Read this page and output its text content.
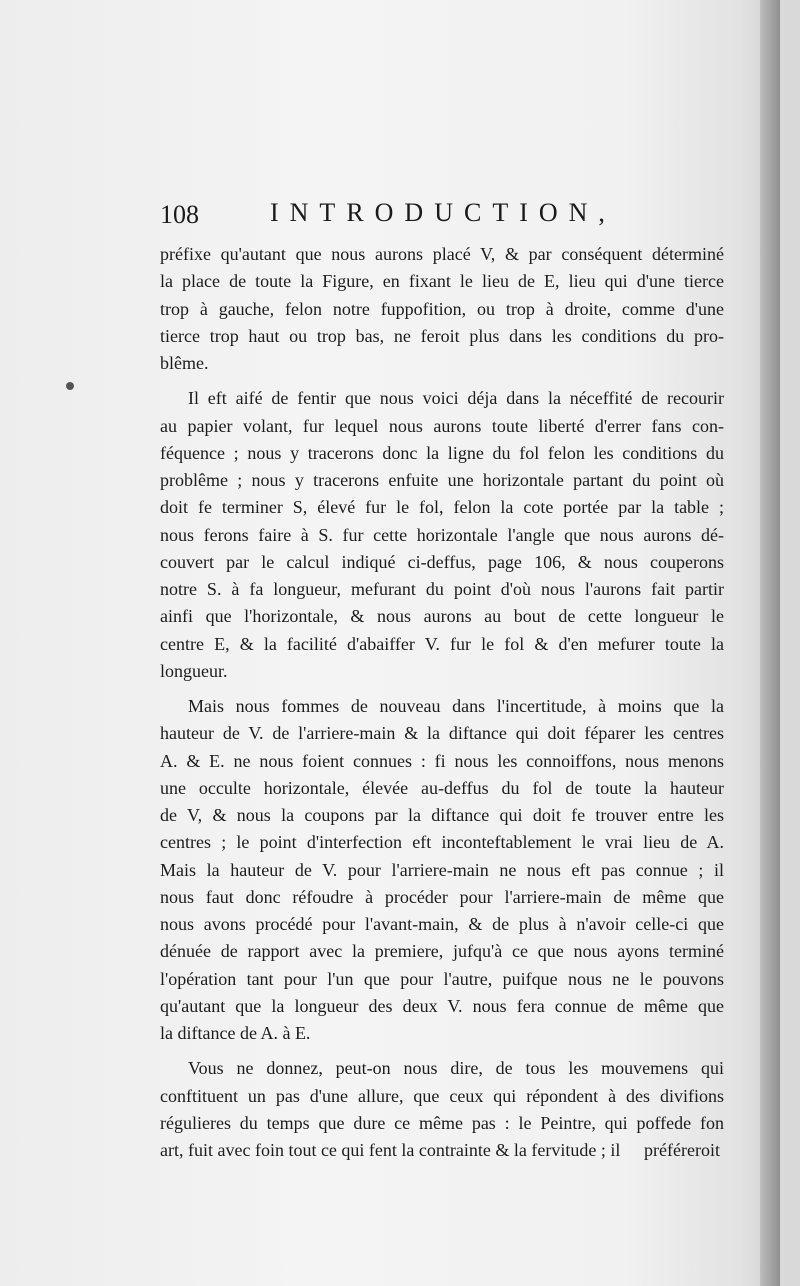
108	INTRODUCTION,

préfixe qu'autant que nous aurons placé V, & par conséquent déterminé

la place de toute la Figure, en fixant le lieu de E, lieu qui d'une tierce

trop à gauche, felon notre fuppofition, ou trop à droite, comme d'une

tierce trop haut ou trop bas, ne feroit plus dans les conditions du pro-

blême.

Il eft aifé de fentir que nous voici déja dans la néceffité de recourir

au papier volant, fur lequel nous aurons toute liberté d'errer fans con-

féquence ; nous y tracerons donc la ligne du fol felon les conditions du

problême ; nous y tracerons enfuite une horizontale partant du point où

doit fe terminer S, élevé fur le fol, felon la cote portée par la table ;

nous ferons faire à S. fur cette horizontale l'angle que nous aurons dé-

couvert par le calcul indiqué ci-deffus, page 106, & nous couperons

notre S. à fa longueur, mefurant du point d'où nous l'aurons fait partir

ainfi que l'horizontale, & nous aurons au bout de cette longueur le

centre E, & la facilité d'abaiffer V. fur le fol & d'en mefurer toute la

longueur.

Mais nous fommes de nouveau dans l'incertitude, à moins que la

hauteur de V. de l'arriere-main & la diftance qui doit féparer les centres

A. & E. ne nous foient connues : fi nous les connoiffons, nous menons

une occulte horizontale, élevée au-deffus du fol de toute la hauteur

de V, & nous la coupons par la diftance qui doit fe trouver entre les

centres ; le point d'interfection eft inconteftablement le vrai lieu de A.

Mais la hauteur de V. pour l'arriere-main ne nous eft pas connue ; il

nous faut donc réfoudre à procéder pour l'arriere-main de même que

nous avons procédé pour l'avant-main, & de plus à n'avoir celle-ci que

dénuée de rapport avec la premiere, jufqu'à ce que nous ayons terminé

l'opération tant pour l'un que pour l'autre, puifque nous ne le pouvons

qu'autant que la longueur des deux V. nous fera connue de même que

la diftance de A. à E.

Vous ne donnez, peut-on nous dire, de tous les mouvemens qui

conftituent un pas d'une allure, que ceux qui répondent à des divifions

régulieres du temps que dure ce même pas : le Peintre, qui poffede fon

art, fuit avec foin tout ce qui fent la contrainte & la fervitude ; il	préféreroit
